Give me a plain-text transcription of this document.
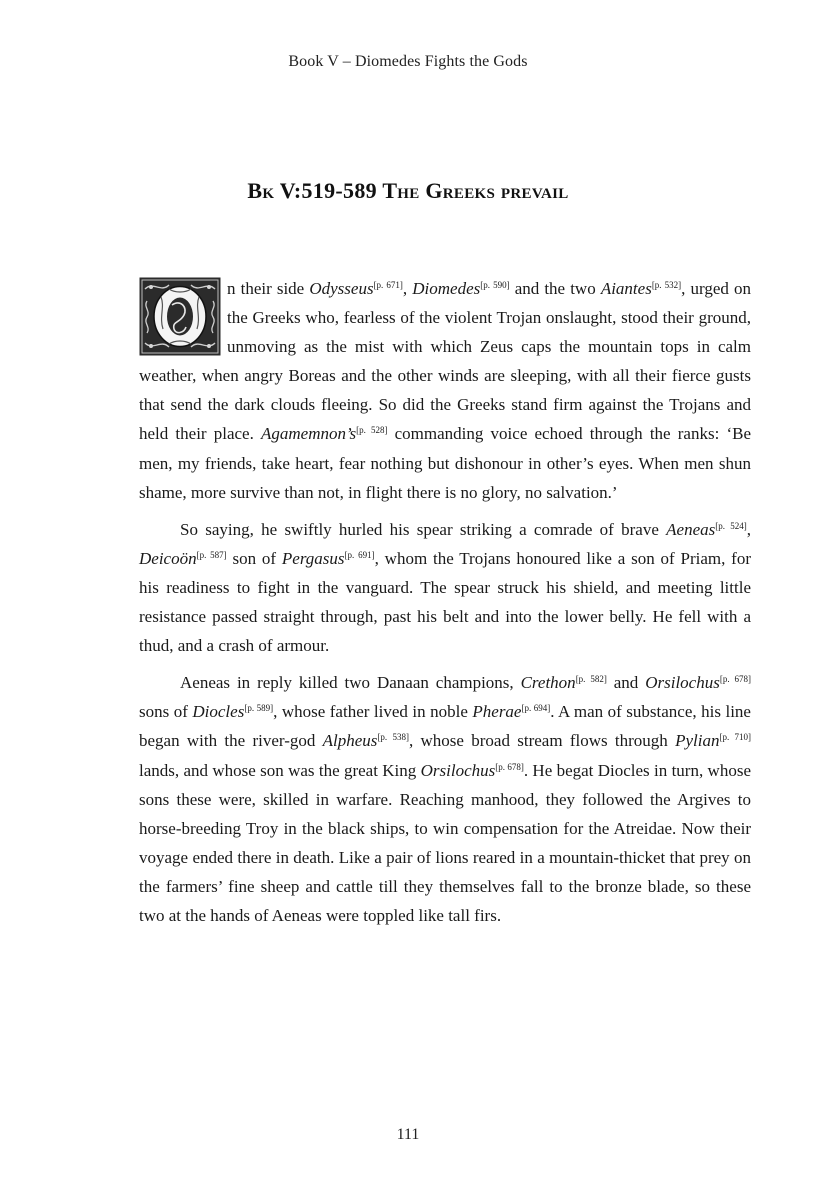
Book V – Diomedes Fights the Gods
Bk V:519-589 The Greeks prevail

n their side Odysseus[p. 671], Diomedes[p. 590] and the two Aiantes[p. 532], urged on the Greeks who, fearless of the violent Trojan onslaught, stood their ground, unmoving as the mist with which Zeus caps the mountain tops in calm weather, when angry Boreas and the other winds are sleeping, with all their fierce gusts that send the dark clouds fleeing. So did the Greeks stand firm against the Trojans and held their place. Agamemnon’s[p. 528] commanding voice echoed through the ranks: ‘Be men, my friends, take heart, fear nothing but dishonour in other’s eyes. When men shun shame, more survive than not, in flight there is no glory, no salvation.’

So saying, he swiftly hurled his spear striking a comrade of brave Aeneas[p. 524], Deicoön[p. 587] son of Pergasus[p. 691], whom the Trojans honoured like a son of Priam, for his readiness to fight in the vanguard. The spear struck his shield, and meeting little resistance passed straight through, past his belt and into the lower belly. He fell with a thud, and a crash of armour.

Aeneas in reply killed two Danaan champions, Crethon[p. 582] and Orsilochus[p. 678] sons of Diocles[p. 589], whose father lived in noble Pherae[p. 694]. A man of substance, his line began with the river-god Alpheus[p. 538], whose broad stream flows through Pylian[p. 710] lands, and whose son was the great King Orsilochus[p. 678]. He begat Diocles in turn, whose sons these were, skilled in warfare. Reaching manhood, they followed the Argives to horse-breeding Troy in the black ships, to win compensation for the Atreidae. Now their voyage ended there in death. Like a pair of lions reared in a mountain-thicket that prey on the farmers’ fine sheep and cattle till they themselves fall to the bronze blade, so these two at the hands of Aeneas were toppled like tall firs.

111
